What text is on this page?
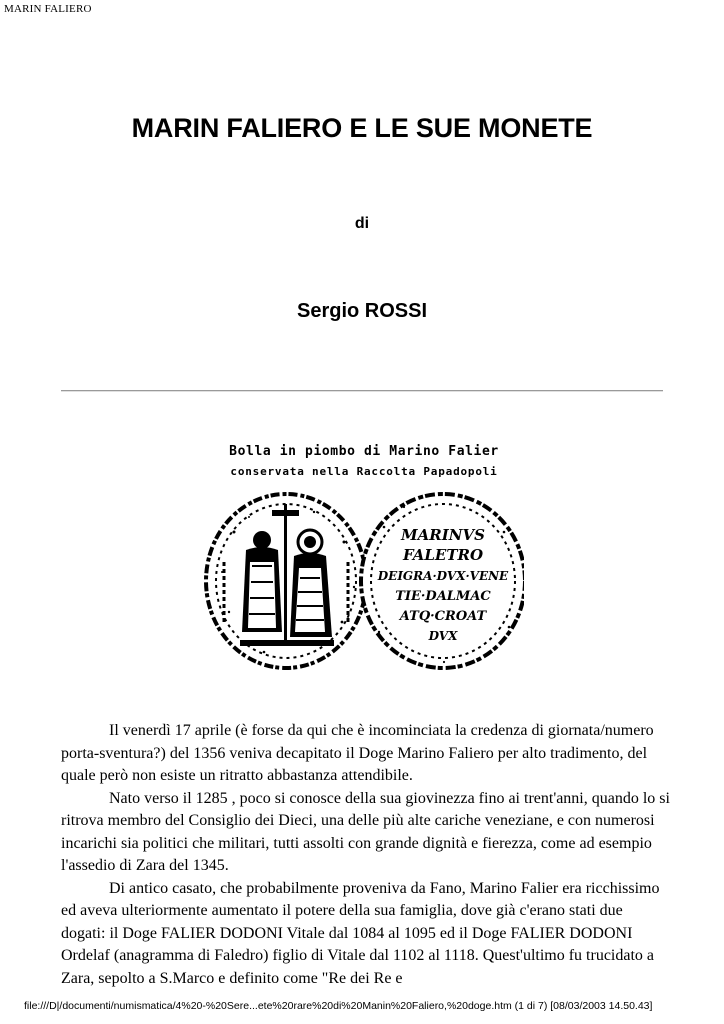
MARIN FALIERO
MARIN FALIERO E LE SUE MONETE
di
Sergio ROSSI
Bolla in piombo di Marino Falier
conservata nella Raccolta Papadopoli
MARINVS
FALETRO
DEIGRA·DVX·VENE
TIE·DALMAC
ATQ·CROAT
DVX

Il venerdì 17 aprile (è forse da qui che è incominciata la credenza di giornata/numero porta-sventura?) del 1356 veniva decapitato il Doge Marino Faliero per alto tradimento, del quale però non esiste un ritratto abbastanza attendibile.

Nato verso il 1285 , poco si conosce della sua giovinezza fino ai trent'anni, quando lo si ritrova membro del Consiglio dei Dieci, una delle più alte cariche veneziane, e con numerosi incarichi sia politici che militari, tutti assolti con grande dignità e fierezza, come ad esempio l'assedio di Zara del 1345.

Di antico casato, che probabilmente proveniva da Fano, Marino Falier era ricchissimo ed aveva ulteriormente aumentato il potere della sua famiglia, dove già c'erano stati due dogati: il Doge FALIER DODONI Vitale dal 1084 al 1095 ed il Doge FALIER DODONI Ordelaf (anagramma di Faledro) figlio di Vitale dal 1102 al 1118. Quest'ultimo fu trucidato a Zara, sepolto a S.Marco e definito come "Re dei Re e

file:///D|/documenti/numismatica/4%20-%20Sere...ete%20rare%20di%20Manin%20Faliero,%20doge.htm (1 di 7) [08/03/2003 14.50.43]
